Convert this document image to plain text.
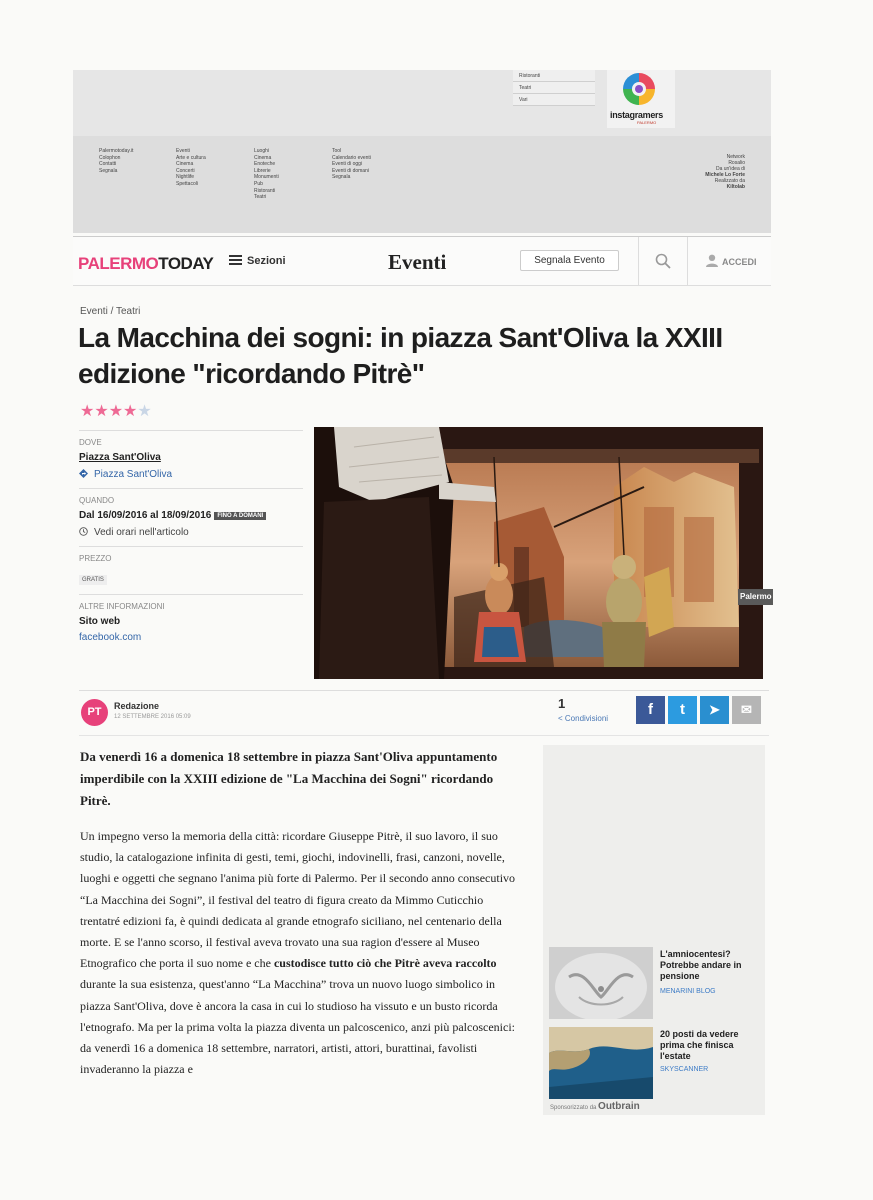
Palermotoday.it
Colophon
Contatti
Segnala
Eventi
Arte e cultura
Cinema
Concerti
Nightlife
Spettacoli
Luoghi
Cinema
Enoteche
Librerie
Monumenti
Pub
Ristoranti
Teatri
Tool
Calendario eventi
Eventi di oggi
Eventi di domani
Segnala
Ristoranti
Teatri
Vari
instagramers
PALERMO
Network
Rosalio
Da un'idea di
Michele Lo Forte
Realizzato da
Kiltolab
PALERMOTODAY	Sezioni	Eventi	Segnala Evento	ACCEDI
Eventi / Teatri
La Macchina dei sogni: in piazza Sant'Oliva la XXIII edizione "ricordando Pitrè"
★★★★★
DOVE
Piazza Sant'Oliva
Piazza Sant'Oliva
QUANDO
Dal 16/09/2016 al 18/09/2016 FINO A DOMANI
Vedi orari nell'articolo
PREZZO
GRATIS
ALTRE INFORMAZIONI
Sito web
facebook.com
Palermo
PT	Redazione
12 SETTEMBRE 2016 05:09
1
< Condivisioni
f	t	➤	✉

Da venerdì 16 a domenica 18 settembre in piazza Sant'Oliva appuntamento imperdibile con la XXIII edizione de "La Macchina dei Sogni" ricordando Pitrè.

Un impegno verso la memoria della città: ricordare Giuseppe Pitrè, il suo lavoro, il suo studio, la catalogazione infinita di gesti, temi, giochi, indovinelli, frasi, canzoni, novelle, luoghi e oggetti che segnano l'anima più forte di Palermo. Per il secondo anno consecutivo “La Macchina dei Sogni”, il festival del teatro di figura creato da Mimmo Cuticchio trentatré edizioni fa, è quindi dedicata al grande etnografo siciliano, nel centenario della morte. E se l'anno scorso, il festival aveva trovato una sua ragion d'essere al Museo Etnografico che porta il suo nome e che custodisce tutto ciò che Pitrè aveva raccolto durante la sua esistenza, quest'anno “La Macchina” trova un nuovo luogo simbolico in piazza Sant'Oliva, dove è ancora la casa in cui lo studioso ha vissuto e un busto ricorda l'etnografo. Ma per la prima volta la piazza diventa un palcoscenico, anzi più palcoscenici: da venerdì 16 a domenica 18 settembre, narratori, artisti, attori, burattinai, favolisti invaderanno la piazza e

L'amniocentesi? Potrebbe andare in pensione
MENARINI BLOG
20 posti da vedere prima che finisca l'estate
SKYSCANNER
Sponsorizzato da Outbrain
